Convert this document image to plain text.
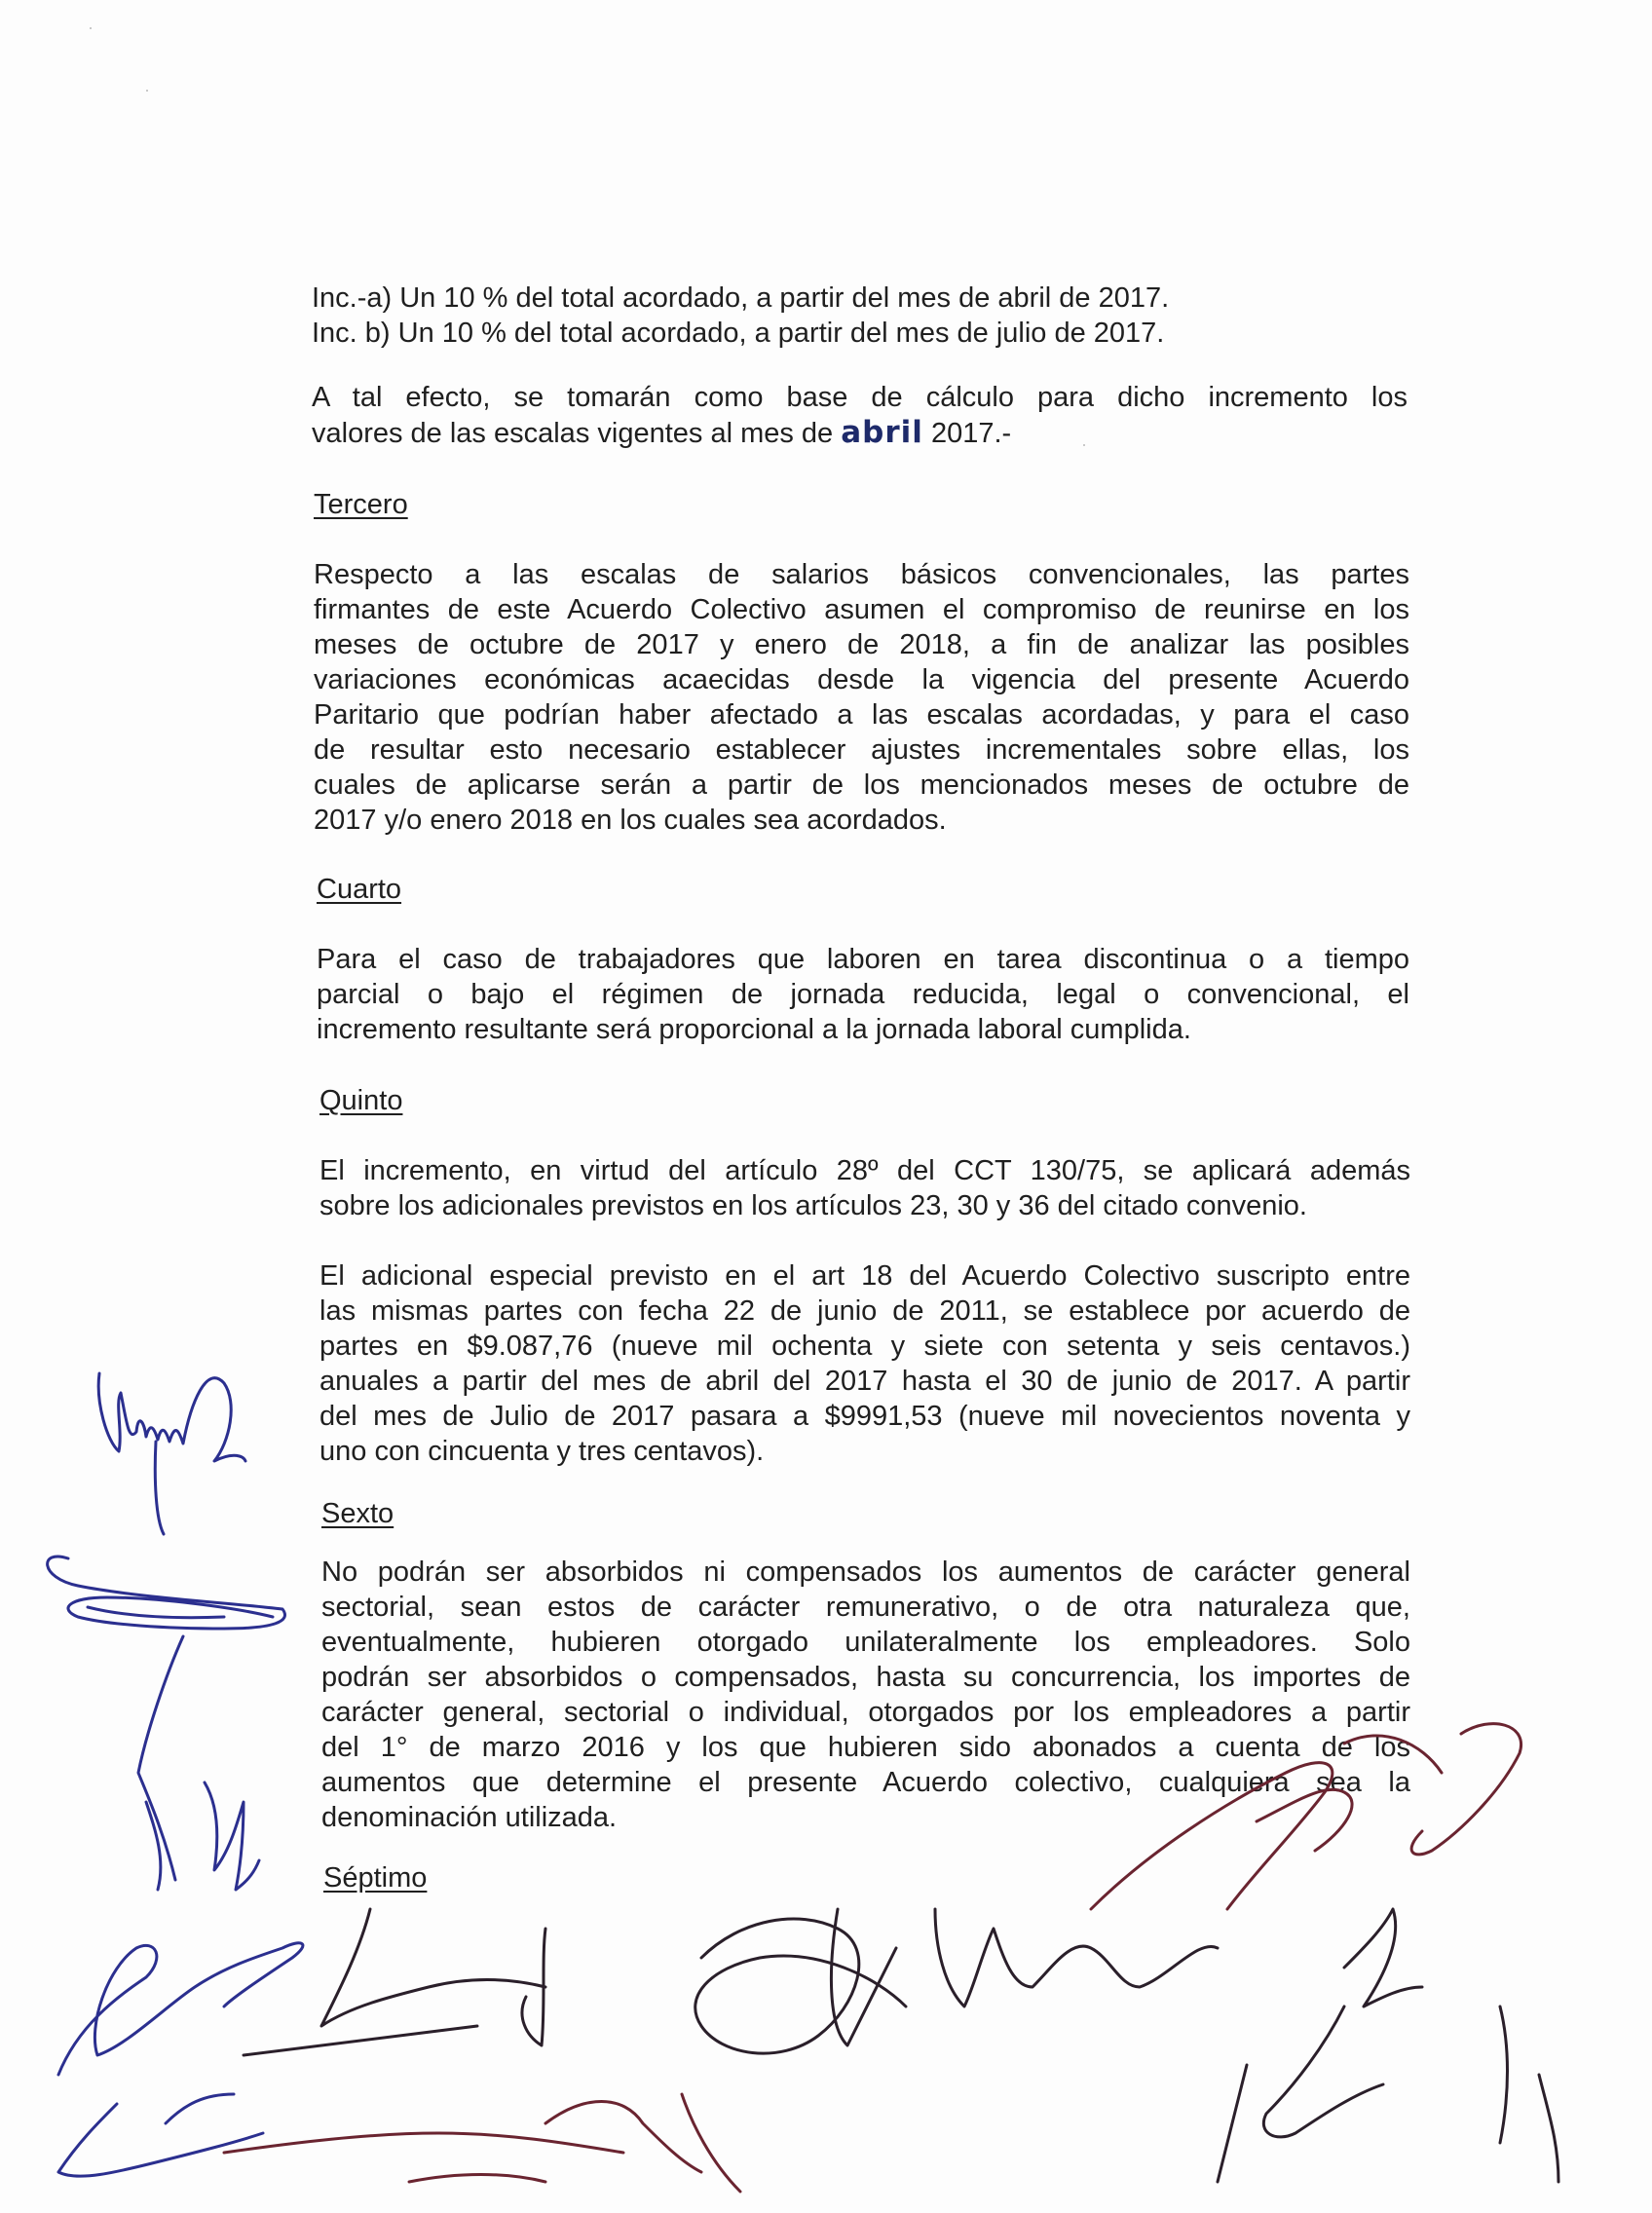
Inc.-a) Un 10 % del total acordado, a partir del mes de abril de 2017.
Inc. b) Un 10 % del total acordado, a partir del mes de julio de 2017.
A tal efecto, se tomarán como base de cálculo para dicho incremento los
valores de las escalas vigentes al mes de abril 2017.-
Tercero
Respecto a las escalas de salarios básicos convencionales, las partes
firmantes de este Acuerdo Colectivo asumen el compromiso de reunirse en los
meses de octubre de 2017 y enero de 2018, a fin de analizar las posibles
variaciones económicas acaecidas desde la vigencia del presente Acuerdo
Paritario que podrían haber afectado a las escalas acordadas, y para el caso
de resultar esto necesario establecer ajustes incrementales sobre ellas, los
cuales de aplicarse serán a partir de los mencionados meses de octubre de
2017 y/o enero 2018 en los cuales sea acordados.
Cuarto
Para el caso de trabajadores que laboren en tarea discontinua o a tiempo
parcial o bajo el régimen de jornada reducida, legal o convencional, el
incremento resultante será proporcional a la jornada laboral cumplida.
Quinto
El incremento, en virtud del artículo 28º del CCT 130/75, se aplicará además
sobre los adicionales previstos en los artículos 23, 30 y 36 del citado convenio.
El adicional especial previsto en el art 18 del Acuerdo Colectivo suscripto entre
las mismas partes con fecha 22 de junio de 2011, se establece por acuerdo de
partes en $9.087,76 (nueve mil ochenta y siete con setenta y seis centavos.)
anuales a partir del mes de abril del 2017 hasta el 30 de junio de 2017. A partir
del mes de Julio de 2017 pasara a $9991,53 (nueve mil novecientos noventa y
uno con cincuenta y tres centavos).
Sexto
No podrán ser absorbidos ni compensados los aumentos de carácter general
sectorial, sean estos de carácter remunerativo, o de otra naturaleza que,
eventualmente, hubieren otorgado unilateralmente los empleadores. Solo
podrán ser absorbidos o compensados, hasta su concurrencia, los importes de
carácter general, sectorial o individual, otorgados por los empleadores a partir
del 1° de marzo 2016 y los que hubieren sido abonados a cuenta de los
aumentos que determine el presente Acuerdo colectivo, cualquiera sea la
denominación utilizada.
Séptimo
